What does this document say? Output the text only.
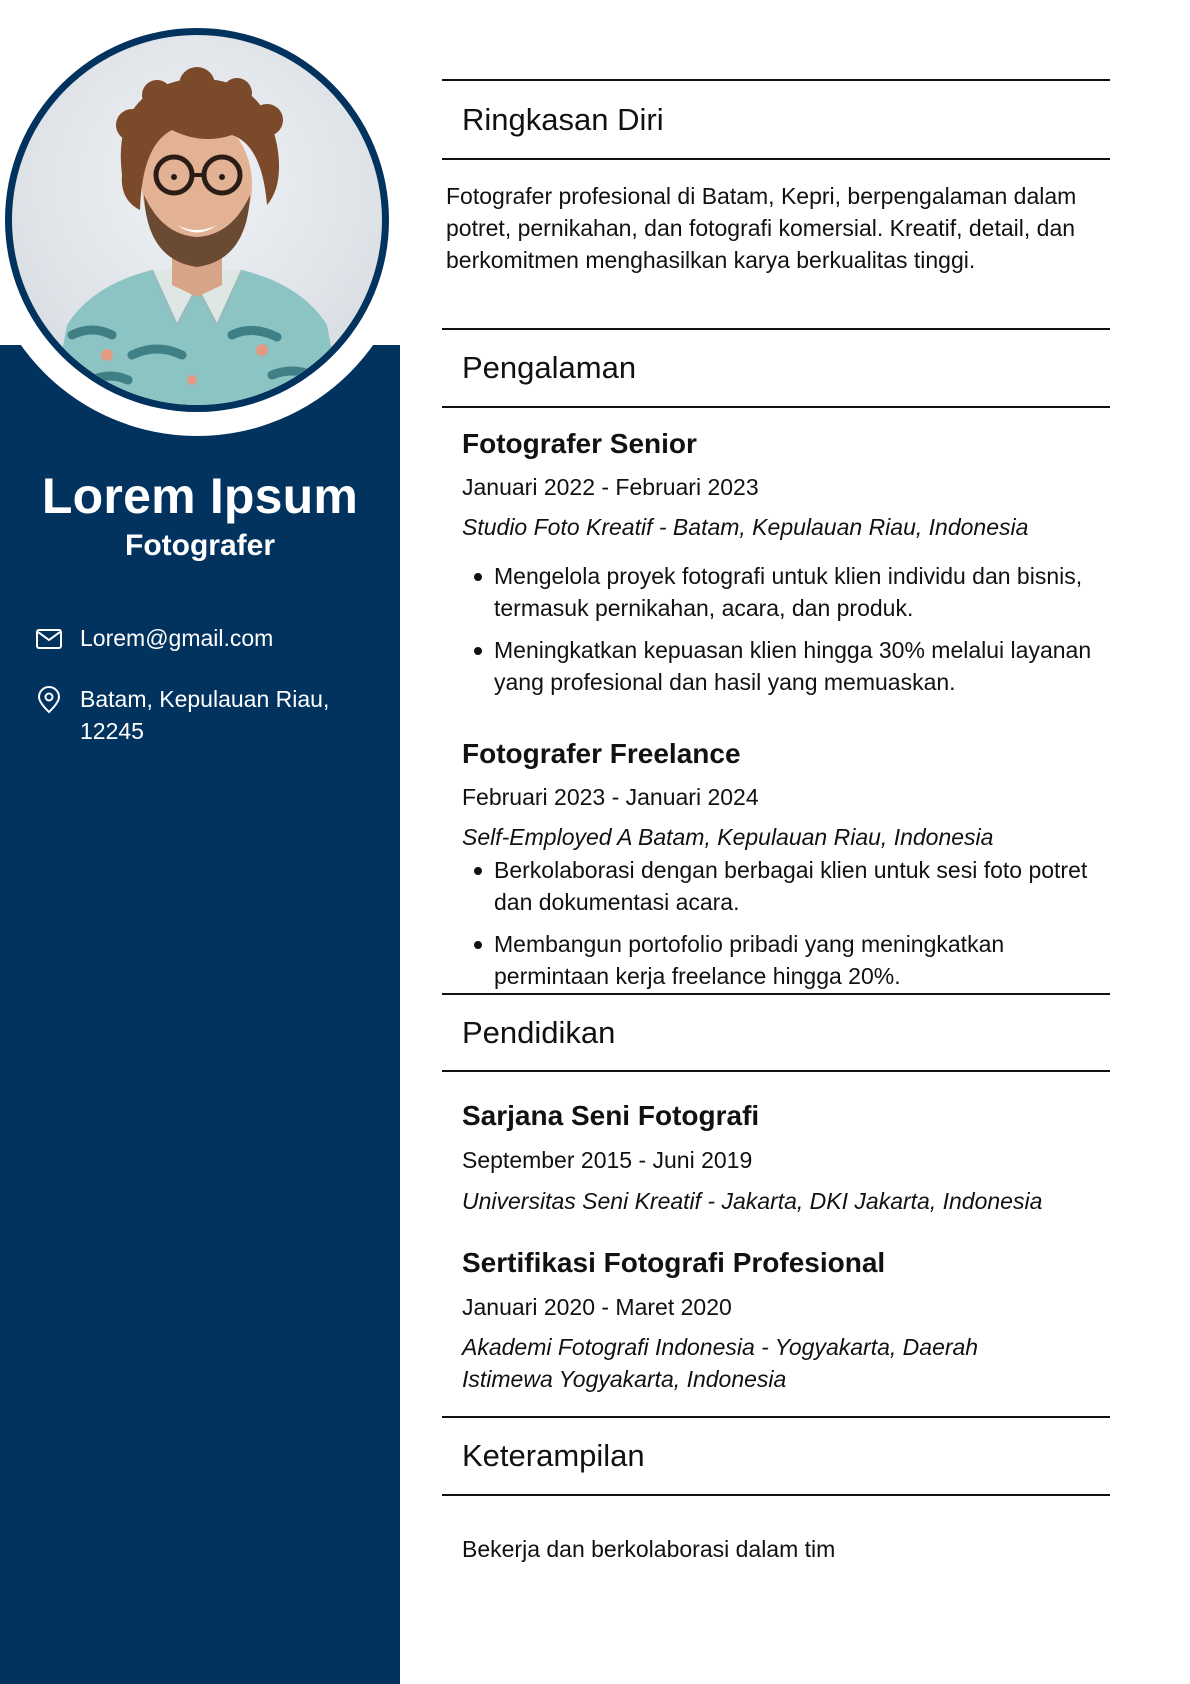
Lorem Ipsum
Fotografer
Lorem@gmail.com
Batam, Kepulauan Riau, 12245
Ringkasan Diri
Fotografer profesional di Batam, Kepri, berpengalaman dalam potret, pernikahan, dan fotografi komersial. Kreatif, detail, dan berkomitmen menghasilkan karya berkualitas tinggi.
Pengalaman
Fotografer Senior
Januari 2022 - Februari 2023
Studio Foto Kreatif - Batam, Kepulauan Riau, Indonesia
Mengelola proyek fotografi untuk klien individu dan bisnis, termasuk pernikahan, acara, dan produk.
Meningkatkan kepuasan klien hingga 30% melalui layanan yang profesional dan hasil yang memuaskan.
Fotografer Freelance
Februari 2023 - Januari 2024
Self-Employed A Batam, Kepulauan Riau, Indonesia
Berkolaborasi dengan berbagai klien untuk sesi foto potret dan dokumentasi acara.
Membangun portofolio pribadi yang meningkatkan permintaan kerja freelance hingga 20%.
Pendidikan
Sarjana Seni Fotografi
September 2015 - Juni 2019
Universitas Seni Kreatif - Jakarta, DKI Jakarta, Indonesia
Sertifikasi Fotografi Profesional
Januari 2020 - Maret 2020
Akademi Fotografi Indonesia - Yogyakarta, Daerah Istimewa Yogyakarta, Indonesia
Keterampilan
Bekerja dan berkolaborasi dalam tim
